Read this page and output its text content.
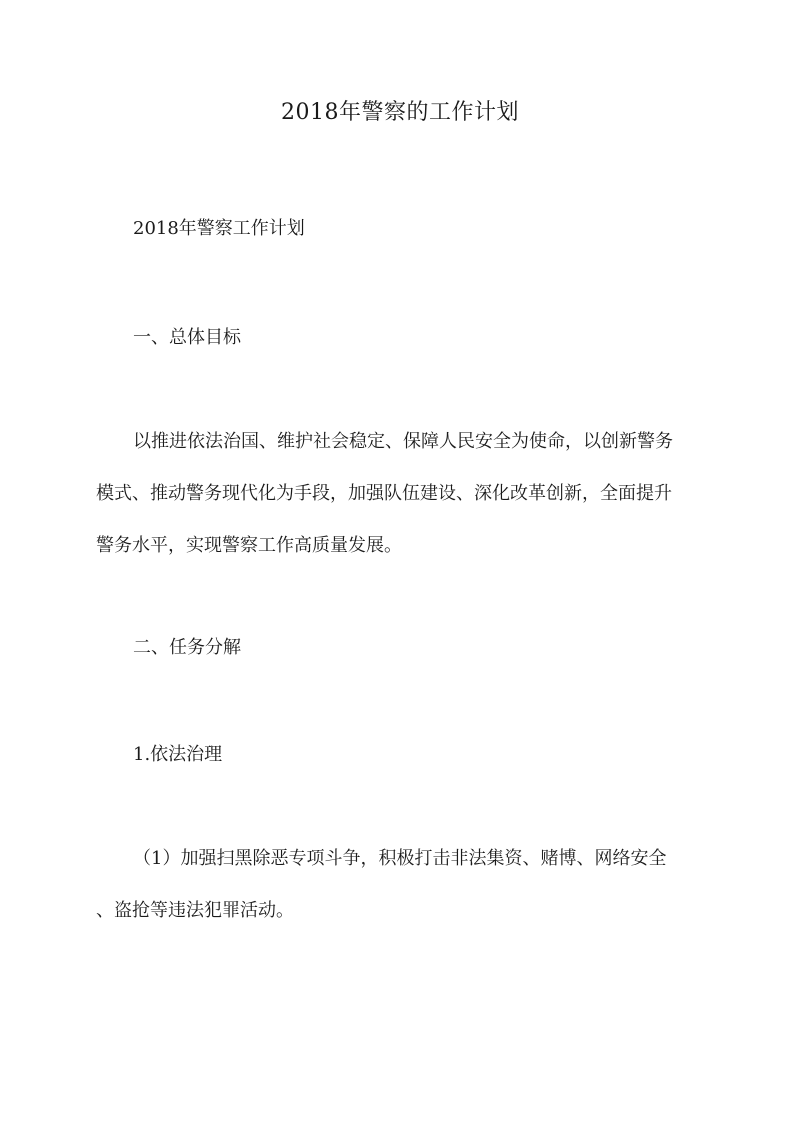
2018年警察的工作计划
2018年警察工作计划
一、总体目标
以推进依法治国、维护社会稳定、保障人民安全为使命，以创新警务
模式、推动警务现代化为手段，加强队伍建设、深化改革创新，全面提升
警务水平，实现警察工作高质量发展。
二、任务分解
1.依法治理
（1）加强扫黑除恶专项斗争，积极打击非法集资、赌博、网络安全
、盗抢等违法犯罪活动。
